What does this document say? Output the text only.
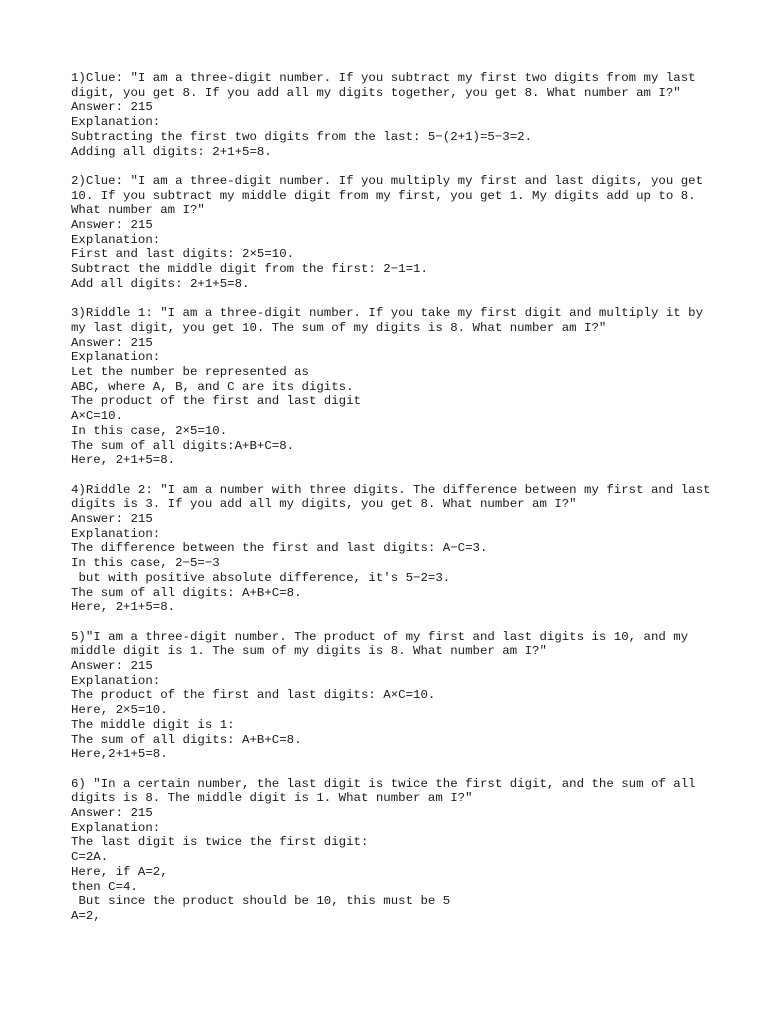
1)Clue: "I am a three-digit number. If you subtract my first two digits from my last digit, you get 8. If you add all my digits together, you get 8. What number am I?"
Answer: 215
Explanation:
Subtracting the first two digits from the last: 5−(2+1)=5−3=2.
Adding all digits: 2+1+5=8.
2)Clue: "I am a three-digit number. If you multiply my first and last digits, you get 10. If you subtract my middle digit from my first, you get 1. My digits add up to 8. What number am I?"
Answer: 215
Explanation:
First and last digits: 2×5=10.
Subtract the middle digit from the first: 2−1=1.
Add all digits: 2+1+5=8.
3)Riddle 1: "I am a three-digit number. If you take my first digit and multiply it by my last digit, you get 10. The sum of my digits is 8. What number am I?"
Answer: 215
Explanation:
Let the number be represented as
ABC, where A, B, and C are its digits.
The product of the first and last digit
A×C=10.
In this case, 2×5=10.
The sum of all digits:A+B+C=8.
Here, 2+1+5=8.
4)Riddle 2: "I am a number with three digits. The difference between my first and last digits is 3. If you add all my digits, you get 8. What number am I?"
Answer: 215
Explanation:
The difference between the first and last digits: A−C=3.
In this case, 2−5=−3
but with positive absolute difference, it's 5−2=3.
The sum of all digits: A+B+C=8.
Here, 2+1+5=8.
5)"I am a three-digit number. The product of my first and last digits is 10, and my middle digit is 1. The sum of my digits is 8. What number am I?"
Answer: 215
Explanation:
The product of the first and last digits: A×C=10.
Here, 2×5=10.
The middle digit is 1:
The sum of all digits: A+B+C=8.
Here,2+1+5=8.
6) "In a certain number, the last digit is twice the first digit, and the sum of all digits is 8. The middle digit is 1. What number am I?"
Answer: 215
Explanation:
The last digit is twice the first digit:
C=2A.
Here, if A=2,
then C=4.
But since the product should be 10, this must be 5
A=2,
